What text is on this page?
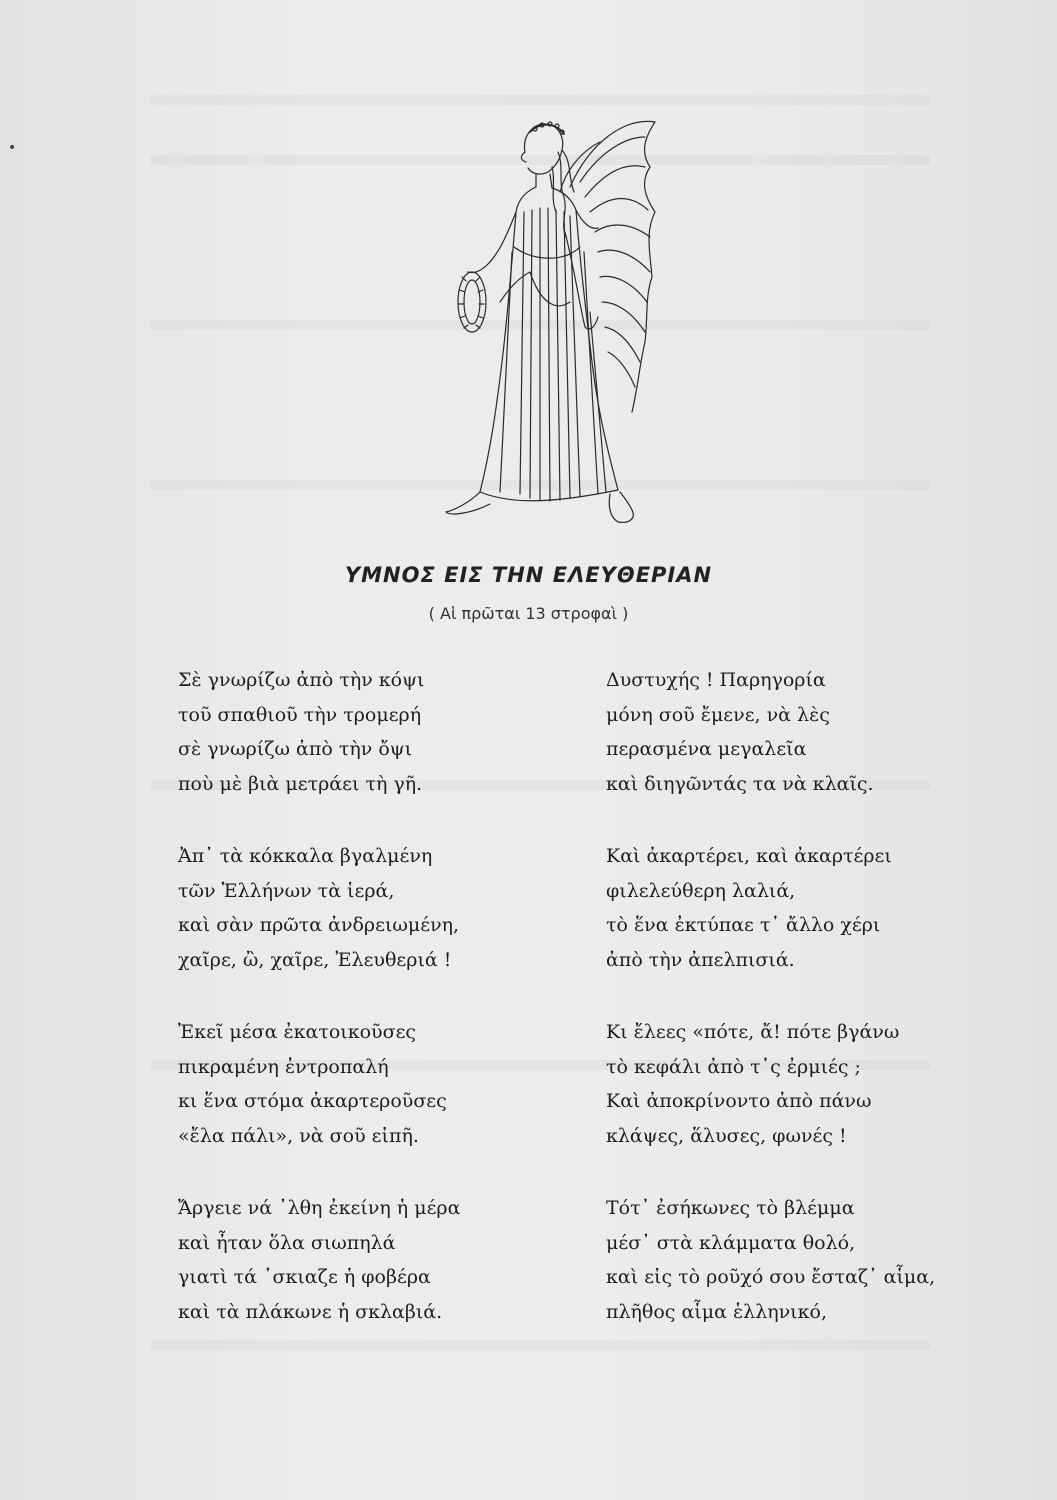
•
ΥΜΝΟΣ ΕΙΣ ΤΗΝ ΕΛΕΥΘΕΡΙΑΝ
( Αἱ πρῶται 13 στροφαὶ )
Σὲ γνωρίζω ἀπὸ τὴν κόψι
τοῦ σπαθιοῦ τὴν τρομερή
σὲ γνωρίζω ἀπὸ τὴν ὄψι
ποὺ μὲ βιὰ μετράει τὴ γῆ.
Ἀπ᾽ τὰ κόκκαλα βγαλμένη
τῶν Ἑλλήνων τὰ ἱερά,
καὶ σὰν πρῶτα ἀνδρειωμένη,
χαῖρε, ὢ, χαῖρε, Ἐλευθεριά !
Ἐκεῖ μέσα ἐκατοικοῦσες
πικραμένη ἐντροπαλή
κι ἕνα στόμα ἀκαρτεροῦσες
«ἔλα πάλι», νὰ σοῦ εἰπῆ.
Ἄργειε νά ᾽λθη ἐκείνη ἡ μέρα
καὶ ἦταν ὅλα σιωπηλά
γιατὶ τά ᾽σκιαζε ἡ φοβέρα
καὶ τὰ πλάκωνε ἡ σκλαβιά.
Δυστυχής ! Παρηγορία
μόνη σοῦ ἔμενε, νὰ λὲς
περασμένα μεγαλεῖα
καὶ διηγῶντάς τα νὰ κλαῖς.
Καὶ ἀκαρτέρει, καὶ ἀκαρτέρει
φιλελεύθερη λαλιά,
τὸ ἕνα ἐκτύπαε τ᾽ ἄλλο χέρι
ἀπὸ τὴν ἀπελπισιά.
Κι ἔλεες «πότε, ἄ! πότε βγάνω
τὸ κεφάλι ἀπὸ τ᾽ς ἐρμιές ;
Καὶ ἀποκρίνοντο ἀπὸ πάνω
κλάψες, ἅλυσες, φωνές !
Τότ᾽ ἐσήκωνες τὸ βλέμμα
μέσ᾽ στὰ κλάμματα θολό,
καὶ εἰς τὸ ροῦχό σου ἔσταζ᾽ αἷμα,
πλῆθος αἷμα ἑλληνικό,
